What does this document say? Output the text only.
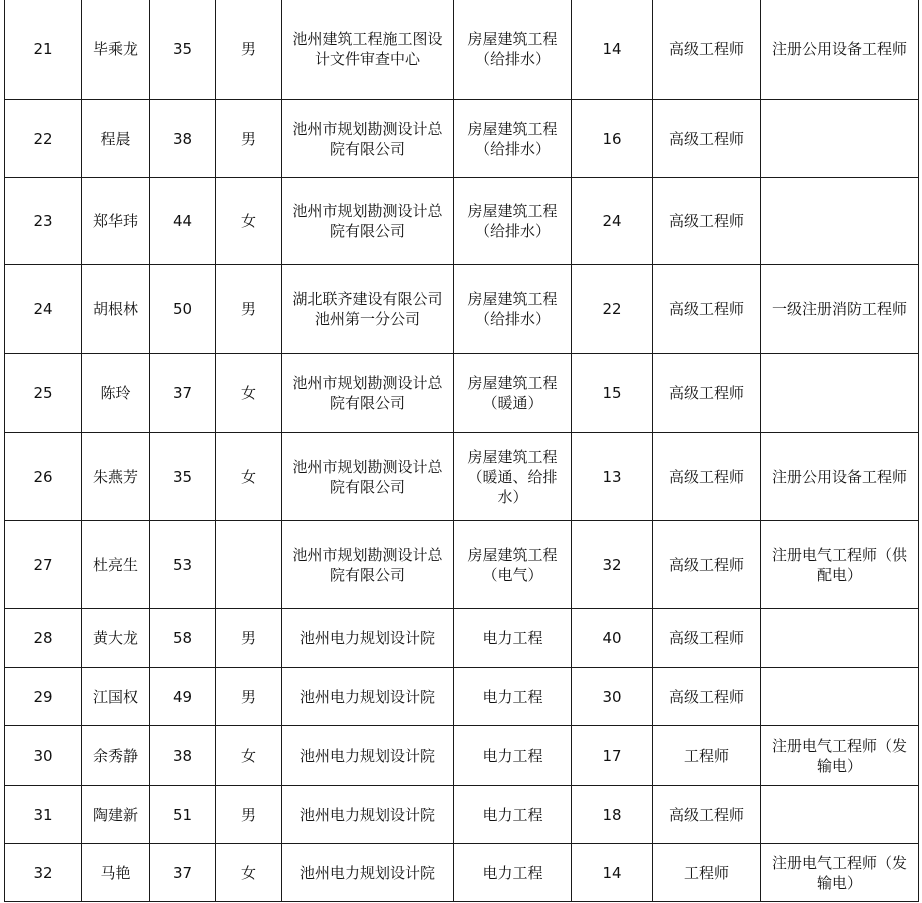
21	毕乘龙	35	男	池州建筑工程施工图设计文件审查中心	房屋建筑工程（给排水）	14	高级工程师	注册公用设备工程师
22	程晨	38	男	池州市规划勘测设计总院有限公司	房屋建筑工程（给排水）	16	高级工程师	
23	郑华玮	44	女	池州市规划勘测设计总院有限公司	房屋建筑工程（给排水）	24	高级工程师	
24	胡根林	50	男	湖北联齐建设有限公司池州第一分公司	房屋建筑工程（给排水）	22	高级工程师	一级注册消防工程师
25	陈玲	37	女	池州市规划勘测设计总院有限公司	房屋建筑工程（暖通）	15	高级工程师	
26	朱燕芳	35	女	池州市规划勘测设计总院有限公司	房屋建筑工程（暖通、给排水）	13	高级工程师	注册公用设备工程师
27	杜亮生	53		池州市规划勘测设计总院有限公司	房屋建筑工程（电气）	32	高级工程师	注册电气工程师（供配电）
28	黄大龙	58	男	池州电力规划设计院	电力工程	40	高级工程师	
29	江国权	49	男	池州电力规划设计院	电力工程	30	高级工程师	
30	余秀静	38	女	池州电力规划设计院	电力工程	17	工程师	注册电气工程师（发输电）
31	陶建新	51	男	池州电力规划设计院	电力工程	18	高级工程师	
32	马艳	37	女	池州电力规划设计院	电力工程	14	工程师	注册电气工程师（发输电）
